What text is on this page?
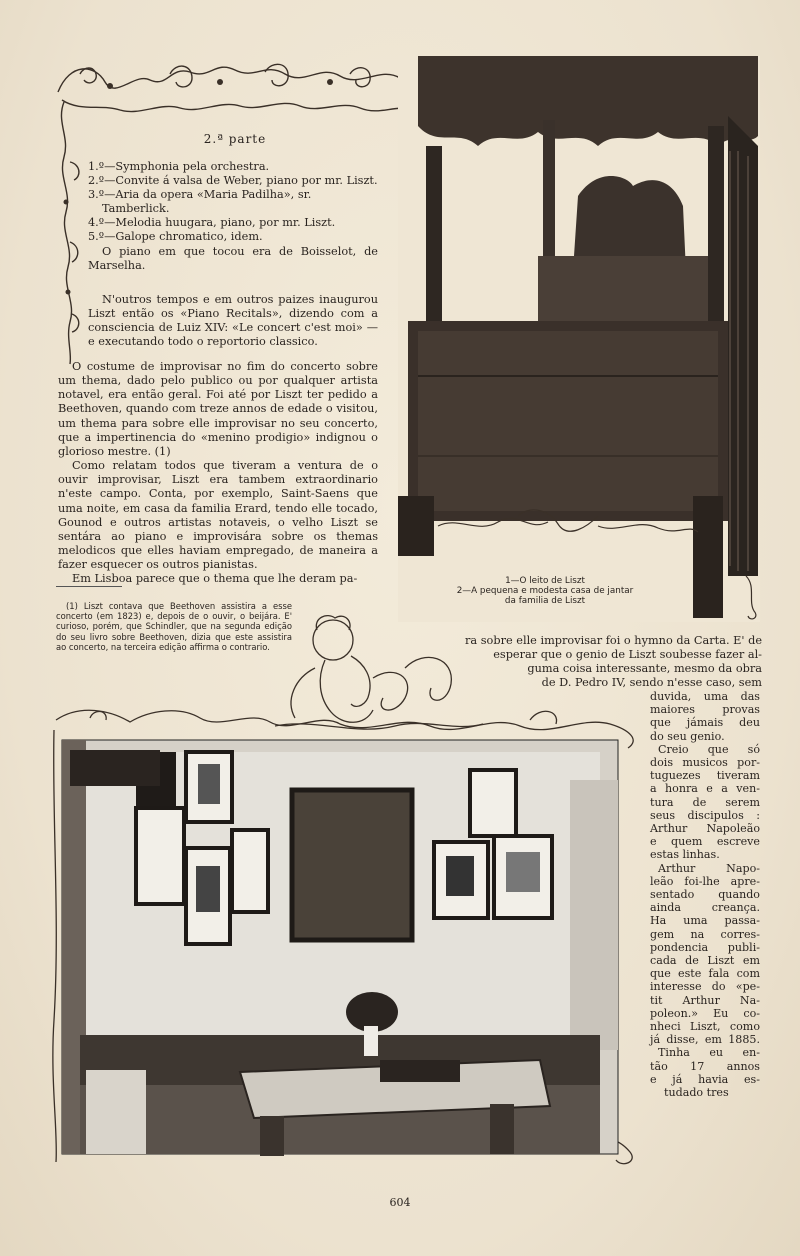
2.ª parte
1.º—Symphonia pela orchestra.
2.º—Convite á valsa de Weber, piano por mr. Liszt.
3.º—Aria da opera «Maria Padilha», sr. Tamberlick.
4.º—Melodia huugara, piano, por mr. Liszt.
5.º—Galope chromatico, idem.

O piano em que tocou era de Boisselot, de Marselha.

N'outros tempos e em outros paizes inaugurou Liszt então os «Piano Recitals», dizendo com a consciencia de Luiz XIV: «Le concert c'est moi» — e executando todo o reportorio classico.

O costume de improvisar no fim do concerto sobre um thema, dado pelo publico ou por qualquer artista notavel, era então geral. Foi até por Liszt ter pedido a Beethoven, quando com treze annos de edade o visitou, um thema para sobre elle improvisar no seu concerto, que a impertinencia do «menino prodigio» indignou o glorioso mestre. (1)

Como relatam todos que tiveram a ventura de o ouvir improvisar, Liszt era tambem extraordinario n'este campo. Conta, por exemplo, Saint-Saens que uma noite, em casa da familia Erard, tendo elle tocado, Gounod e outros artistas notaveis, o velho Liszt se sentára ao piano e improvisára sobre os themas melodicos que elles haviam empregado, de maneira a fazer esquecer os outros pianistas.

Em Lisboa parece que o thema que lhe deram pa-

(1) Liszt contava que Beethoven assistira a esse concerto (em 1823) e, depois de o ouvir, o beijára. E' curioso, porém, que Schindler, que na segunda edição do seu livro sobre Beethoven, dizia que este assistira ao concerto, na terceira edição affirma o contrario.

1—O leito de Liszt
2—A pequena e modesta casa de jantar
da familia de Liszt
ra sobre elle improvisar foi o hymno da Carta. E' de
esperar que o genio de Liszt soubesse fazer al-
guma coisa interessante, mesmo da obra
de D. Pedro IV, sendo n'esse caso, sem
duvida, uma das
maiores provas
que jámais deu
do seu genio.
Creio que só
dois musicos por-
tuguezes tiveram
a honra e a ven-
tura de serem
seus discipulos :
Arthur Napoleão
e quem escreve
estas linhas.
Arthur Napo-
leão foi-lhe apre-
sentado quando
ainda creança.
Ha uma passa-
gem na corres-
pondencia publi-
cada de Liszt em
que este fala com
interesse do «pe-
tit Arthur Na-
poleon.» Eu co-
nheci Liszt, como
já disse, em 1885.
Tinha eu en-
tão 17 annos
e já havia es-
tudado tres
604
